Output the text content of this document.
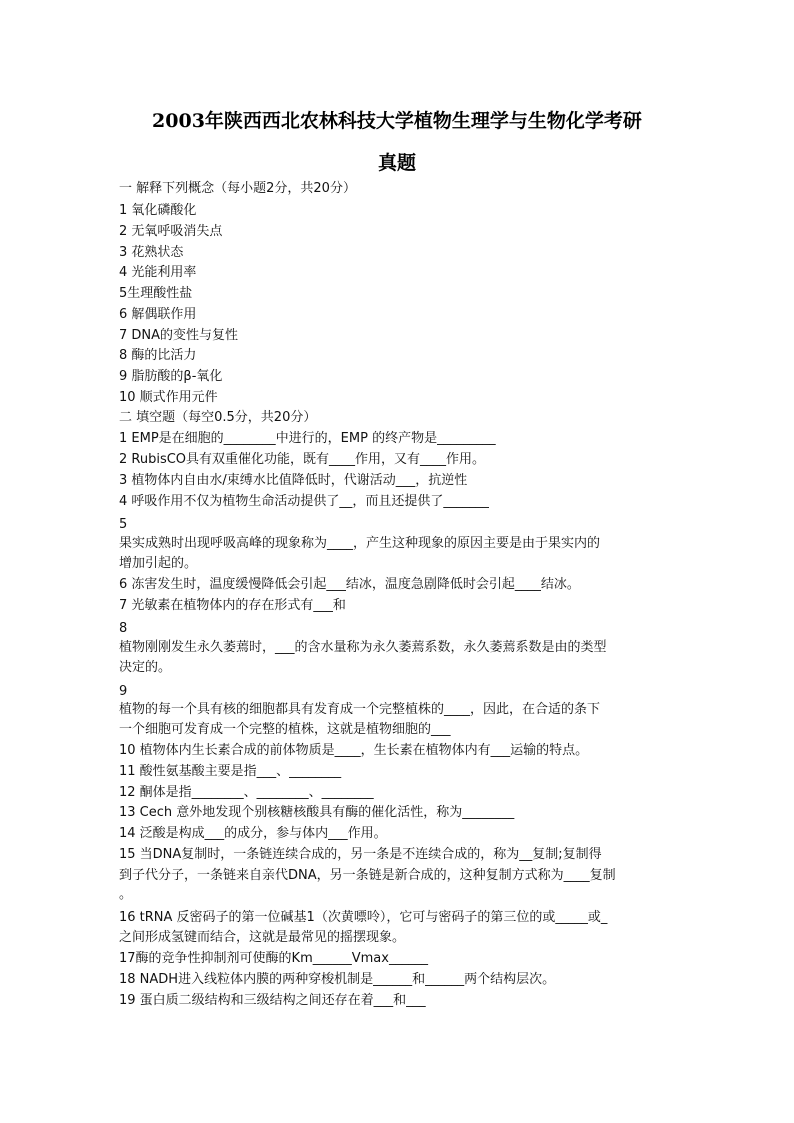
2003年陕西西北农林科技大学植物生理学与生物化学考研
真题
一 解释下列概念（每小题2分，共20分）
1 氧化磷酸化
2 无氧呼吸消失点
3 花熟状态
4 光能利用率
5生理酸性盐
6 解偶联作用
7 DNA的变性与复性
8 酶的比活力
9 脂肪酸的β-氧化
10 顺式作用元件
二 填空题（每空0.5分，共20分）
1 EMP是在细胞的________中进行的，EMP 的终产物是_________
2 RubisCO具有双重催化功能，既有____作用，又有____作用。
3 植物体内自由水/束缚水比值降低时，代谢活动___，抗逆性
4 呼吸作用不仅为植物生命活动提供了__，而且还提供了_______
5
果实成熟时出现呼吸高峰的现象称为____，产生这种现象的原因主要是由于果实内的
增加引起的。
6 冻害发生时，温度缓慢降低会引起___结冰，温度急剧降低时会引起____结冰。
7 光敏素在植物体内的存在形式有___和
8
植物刚刚发生永久萎蔫时，___的含水量称为永久萎蔫系数，永久萎蔫系数是由的类型
决定的。
9
植物的每一个具有核的细胞都具有发育成一个完整植株的____，因此，在合适的条下
一个细胞可发育成一个完整的植株，这就是植物细胞的___
10 植物体内生长素合成的前体物质是____，生长素在植物体内有___运输的特点。
11 酸性氨基酸主要是指___、________
12 酮体是指________、________、________
13 Cech 意外地发现个别核糖核酸具有酶的催化活性，称为________
14 泛酸是构成___的成分，参与体内___作用。
15 当DNA复制时，一条链连续合成的，另一条是不连续合成的，称为__复制;复制得
到子代分子，一条链来自亲代DNA，另一条链是新合成的，这种复制方式称为____复制
。
16 tRNA 反密码子的第一位碱基1（次黄嘌呤），它可与密码子的第三位的或_____或_
之间形成氢键而结合，这就是最常见的摇摆现象。
17酶的竞争性抑制剂可使酶的Km______Vmax______
18 NADH进入线粒体内膜的两种穿梭机制是______和______两个结构层次。
19 蛋白质二级结构和三级结构之间还存在着___和___
